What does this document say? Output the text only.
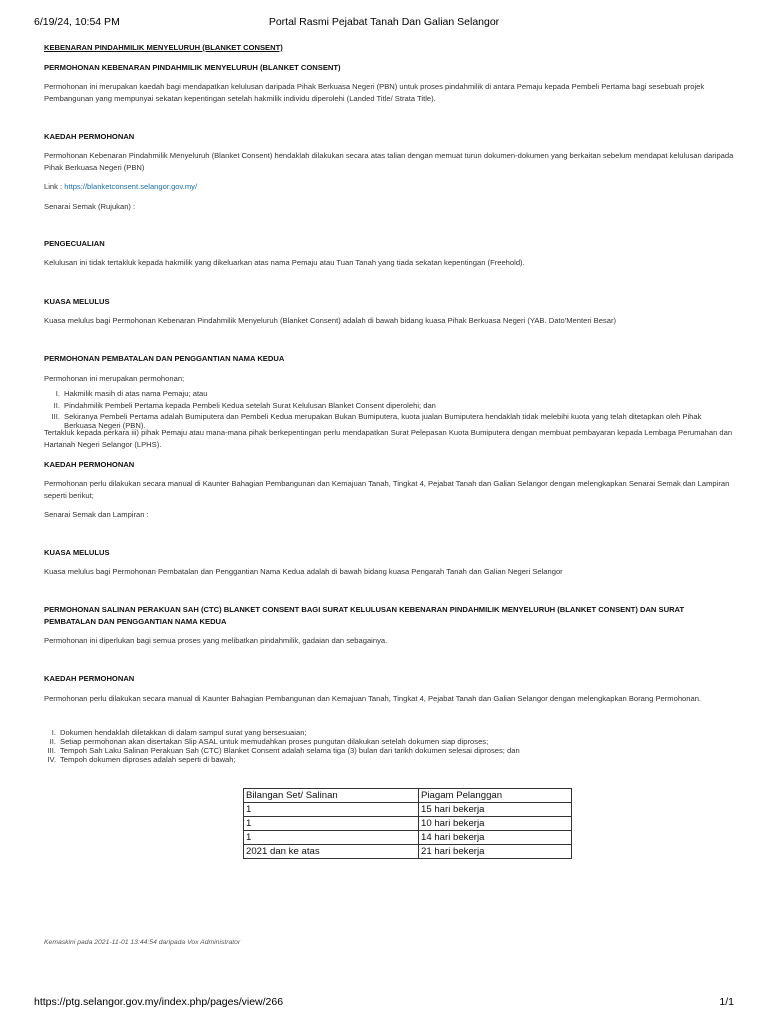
6/19/24, 10:54 PM	Portal Rasmi Pejabat Tanah Dan Galian Selangor

KEBENARAN PINDAHMILIK MENYELURUH (BLANKET CONSENT)

PERMOHONAN KEBENARAN PINDAHMILIK MENYELURUH (BLANKET CONSENT)

Permohonan ini merupakan kaedah bagi mendapatkan kelulusan daripada Pihak Berkuasa Negeri (PBN) untuk proses pindahmilik di antara Pemaju kepada Pembeli Pertama bagi sesebuah projek Pembangunan yang mempunyai sekatan kepentingan setelah hakmilik individu diperolehi (Landed Title/ Strata Title).

KAEDAH PERMOHONAN

Permohonan Kebenaran Pindahmilik Menyeluruh (Blanket Consent) hendaklah dilakukan secara atas talian dengan memuat turun dokumen-dokumen yang berkaitan sebelum mendapat kelulusan daripada Pihak Berkuasa Negeri (PBN)

Link : https://blanketconsent.selangor.gov.my/

Senarai Semak (Rujukan) :

PENGECUALIAN

Kelulusan ini tidak tertakluk kepada hakmilik yang dikeluarkan atas nama Pemaju atau Tuan Tanah yang tiada sekatan kepentingan (Freehold).

KUASA MELULUS

Kuasa melulus bagi Permohonan Kebenaran Pindahmilik Menyeluruh (Blanket Consent) adalah di bawah bidang kuasa Pihak Berkuasa Negeri (YAB. Dato'Menteri Besar)

PERMOHONAN PEMBATALAN DAN PENGGANTIAN NAMA KEDUA

Permohonan ini merupakan permohonan;

I. Hakmilik masih di atas nama Pemaju; atau
II. Pindahmilik Pembeli Pertama kepada Pembeli Kedua setelah Surat Kelulusan Blanket Consent diperolehi; dan
III. Sekiranya Pembeli Pertama adalah Bumiputera dan Pembeli Kedua merupakan Bukan Bumiputera, kuota jualan Bumiputera hendaklah tidak melebihi kuota yang telah ditetapkan oleh Pihak Berkuasa Negeri (PBN).

Tertakluk kepada perkara iii) pihak Pemaju atau mana-mana pihak berkepentingan perlu mendapatkan Surat Pelepasan Kuota Bumiputera dengan membuat pembayaran kepada Lembaga Perumahan dan Hartanah Negeri Selangor (LPHS).

KAEDAH PERMOHONAN

Permohonan perlu dilakukan secara manual di Kaunter Bahagian Pembangunan dan Kemajuan Tanah, Tingkat 4, Pejabat Tanah dan Galian Selangor dengan melengkapkan Senarai Semak dan Lampiran seperti berikut;

Senarai Semak dan Lampiran :

KUASA MELULUS

Kuasa melulus bagi Permohonan Pembatalan dan Penggantian Nama Kedua adalah di bawah bidang kuasa Pengarah Tanah dan Galian Negeri Selangor

PERMOHONAN SALINAN PERAKUAN SAH (CTC) BLANKET CONSENT BAGI SURAT KELULUSAN KEBENARAN PINDAHMILIK MENYELURUH (BLANKET CONSENT) DAN SURAT PEMBATALAN DAN PENGGANTIAN NAMA KEDUA

Permohonan ini diperlukan bagi semua proses yang melibatkan pindahmilik, gadaian dan sebagainya.

KAEDAH PERMOHONAN

Permohonan perlu dilakukan secara manual di Kaunter Bahagian Pembangunan dan Kemajuan Tanah, Tingkat 4, Pejabat Tanah dan Galian Selangor dengan melengkapkan Borang Permohonan.

I. Dokumen hendaklah diletakkan di dalam sampul surat yang bersesuaian;
II. Setiap permohonan akan disertakan Slip ASAL untuk memudahkan proses pungutan dilakukan setelah dokumen siap diproses;
III. Tempoh Sah Laku Salinan Perakuan Sah (CTC) Blanket Consent adalah selama tiga (3) bulan dari tarikh dokumen selesai diproses; dan
IV. Tempoh dokumen diproses adalah seperti di bawah;
Bilangan Set/ Salinan	Piagam Pelanggan
1	15 hari bekerja
1	10 hari bekerja
1	14 hari bekerja
2021 dan ke atas	21 hari bekerja

Kemaskini pada 2021-11-01 13:44:54 daripada Vox Administrator

https://ptg.selangor.gov.my/index.php/pages/view/266	1/1
